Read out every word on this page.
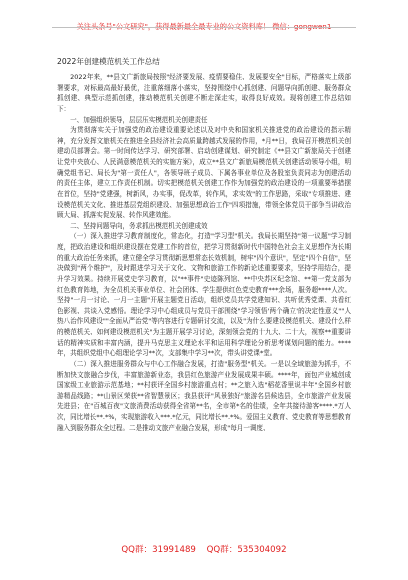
关注头条号"公文研究"，获得最新最全最专业的公文资料库！ 微信：gongwen1
2022年创建模范机关工作总结

2022年来，**县文广新旅局按照"经济要发展、疫情要稳住、发展要安全"目标，严格落实上级部署要求，对标最高最好最优，注重落细落小落实，坚持围绕中心抓创建、问题导向抓创建、服务群众抓创建、典型示范抓创建，推动模范机关创建不断走深走实，取得良好成效。现将创建工作总结如下：

一、加强组织领导，层层压实模范机关创建责任

为贯彻落实关于加强党的政治建设重要论述以及对中央和国家机关推进党的政治建设的指示精神，充分发挥文旅机关在推进全县经济社会高质量跨越式发展的作用，*月**日，我局召开模范机关创建动员部署会。第一时间传达学习、研究部署、启动创建谋划、研究制定《**县文广新旅局关于创建让党中央放心、人民满意模范机关的实施方案》，成立**县文广新旅局模范机关创建活动领导小组，明确党组书记、局长为"第一责任人"，各领导班子成员、下属各事业单位及各股室负责同志为创建活动的责任主体，建立工作责任机制。切实把模范机关创建工作作为加强党的政治建设的一项重要举措摆在首位，坚持"党建强，树新风，办实事，促改革，转作风，求实效"的工作思路，采取"专项推进、建设模范机关文化、推进基层党组织建设、加强思想政治工作"四项措施，带领全体党员干部争当讲政治顾大局、抓落实促发展、转作风建效能。

二、坚持问题导向，务求抓出模范机关创建成效

（一）深入推进学习教育制度化，常态化，打造"学习型"机关。我局长期坚持"第一议题"学习制度，把政治建设和组织建设摆在党建工作的首位，把学习贯彻新时代中国特色社会主义思想作为长期的重大政治任务来抓，建立健全学习贯彻新思想常态长效机制，树牢"四个意识"，坚定"四个自信"，坚决做到"两个维护"，及时跟进学习关于文化、文物和旅游工作的新论述重要要求，坚持学用结合，提升学习效果。持续开展党史学习教育，以"**事件"史迹陈列馆、**中央苏区纪念馆、**第一党支部为红色教育阵地，为全员机关事业单位、社会团体、学生提供红色党史教育***余场，服务超****人次。坚持"一月一讨论、一月一主题"开展主题党日活动，组织党员共学党建知识、共听优秀党课、共看红色影视、共谈入党感悟。理论学习中心组成员与党员干部围绕"学习领悟'两个确立'的决定性意义""人热八治作风建设""全面从严治党"等内容进行专题研讨交流，以及"为什么要建设模范机关、建设什么样的模范机关、如何建设模范机关"为主题开展学习讨论，深刻领会党的十九大、二十大，视察**重要讲话的精神实质和丰富内涵，提升马克思主义理论水平和运用科学理论分析思考谋划问题的能力。****年，共组织党组中心组理论学习**次，支部集中学习**次，带头讲党课*堂。

（二）深入推进服务群众与中心工作融合发展，打造"服务型"机关。一是以全域旅游为抓手，不断加快文旅融合步伐，丰富旅游新业态，我县红色旅游产业发展成果丰硕。****年，面包产业城创成国家级工业旅游示范基地；**村获评全国乡村旅游重点村；**之旅入选"稻花香里说丰年"全国乡村旅游精品线路；**山景区荣获**省智慧景区；我县获评"风景独好"旅游名县候选县，全市旅游产业发展先进县；在"百城百夜"文旅消费活动获得全省第**名，全市第*名的佳绩，全年共接待游客****.*万人次，同比增长**.*%，实现旅游收入***.*亿元，同比增长**.*%。爱国主义教育、党史教育等思想教育融入到服务群众全过程。二是推动文旅产业融合发展，形成"每月一调度、

QQ群：31991489 QQ群：535304092
